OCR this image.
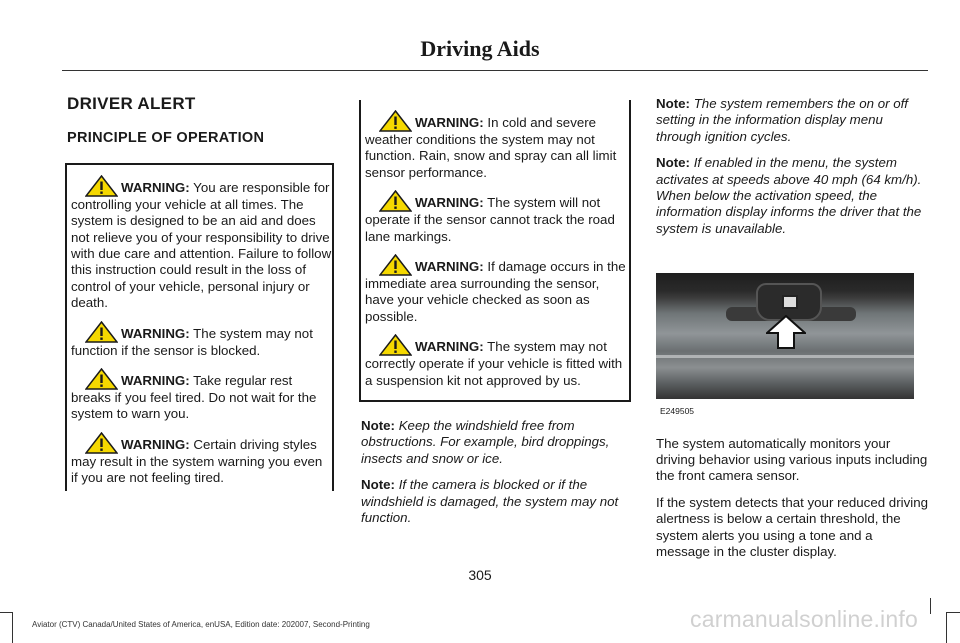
Driving Aids
DRIVER ALERT
PRINCIPLE OF OPERATION

WARNING: You are responsible for controlling your vehicle at all times. The system is designed to be an aid and does not relieve you of your responsibility to drive with due care and attention. Failure to follow this instruction could result in the loss of control of your vehicle, personal injury or death.

WARNING: The system may not function if the sensor is blocked.

WARNING: Take regular rest breaks if you feel tired. Do not wait for the system to warn you.

WARNING: Certain driving styles may result in the system warning you even if you are not feeling tired.

WARNING: In cold and severe weather conditions the system may not function. Rain, snow and spray can all limit sensor performance.

WARNING: The system will not operate if the sensor cannot track the road lane markings.

WARNING: If damage occurs in the immediate area surrounding the sensor, have your vehicle checked as soon as possible.

WARNING: The system may not correctly operate if your vehicle is fitted with a suspension kit not approved by us.

Note: Keep the windshield free from obstructions. For example, bird droppings, insects and snow or ice.

Note: If the camera is blocked or if the windshield is damaged, the system may not function.

Note: The system remembers the on or off setting in the information display menu through ignition cycles.

Note: If enabled in the menu, the system activates at speeds above 40 mph (64 km/h). When below the activation speed, the information display informs the driver that the system is unavailable.

E249505

The system automatically monitors your driving behavior using various inputs including the front camera sensor.

If the system detects that your reduced driving alertness is below a certain threshold, the system alerts you using a tone and a message in the cluster display.

305
Aviator (CTV) Canada/United States of America, enUSA, Edition date: 202007, Second-Printing	carmanualsonline.info
